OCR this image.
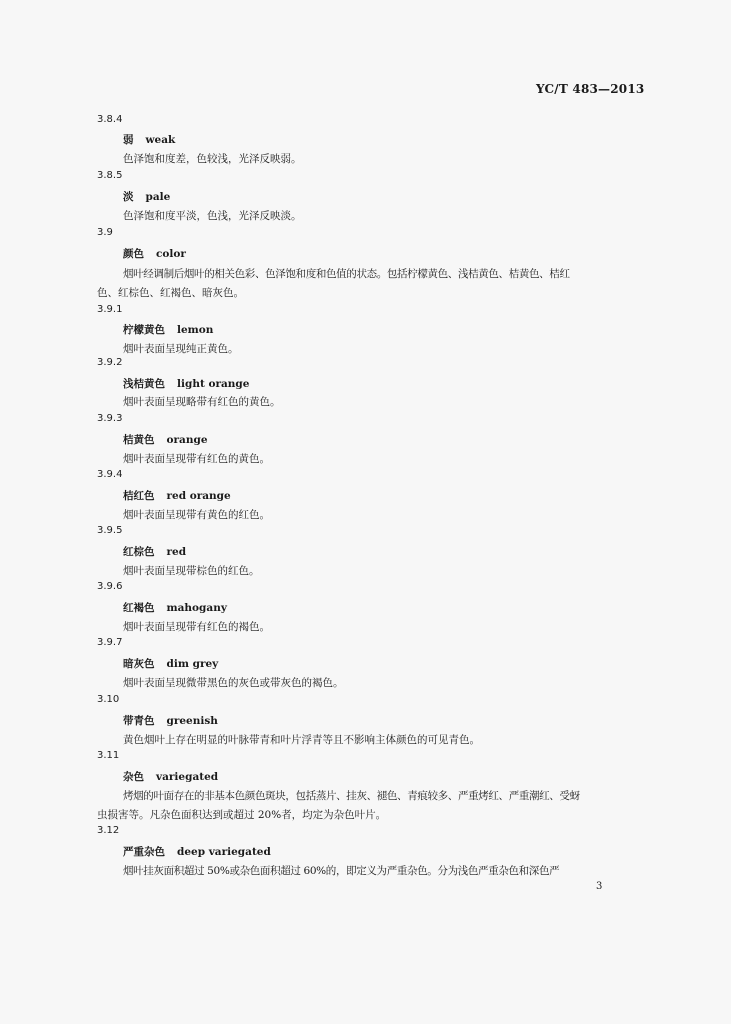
YC/T 483—2013
3.8.4
弱 weak
色泽饱和度差，色较浅，光泽反映弱。
3.8.5
淡 pale
色泽饱和度平淡，色浅，光泽反映淡。
3.9
颜色 color
烟叶经调制后烟叶的相关色彩、色泽饱和度和色值的状态。包括柠檬黄色、浅桔黄色、桔黄色、桔红
色、红棕色、红褐色、暗灰色。
3.9.1
柠檬黄色 lemon
烟叶表面呈现纯正黄色。
3.9.2
浅桔黄色 light orange
烟叶表面呈现略带有红色的黄色。
3.9.3
桔黄色 orange
烟叶表面呈现带有红色的黄色。
3.9.4
桔红色 red orange
烟叶表面呈现带有黄色的红色。
3.9.5
红棕色 red
烟叶表面呈现带棕色的红色。
3.9.6
红褐色 mahogany
烟叶表面呈现带有红色的褐色。
3.9.7
暗灰色 dim grey
烟叶表面呈现微带黑色的灰色或带灰色的褐色。
3.10
带青色 greenish
黄色烟叶上存在明显的叶脉带青和叶片浮青等且不影响主体颜色的可见青色。
3.11
杂色 variegated
烤烟的叶面存在的非基本色颜色斑块，包括蒸片、挂灰、褪色、青痕较多、严重烤红、严重潮红、受蚜
虫损害等。凡杂色面积达到或超过 20%者，均定为杂色叶片。
3.12
严重杂色 deep variegated
烟叶挂灰面积超过 50%或杂色面积超过 60%的，即定义为严重杂色。分为浅色严重杂色和深色严
3
